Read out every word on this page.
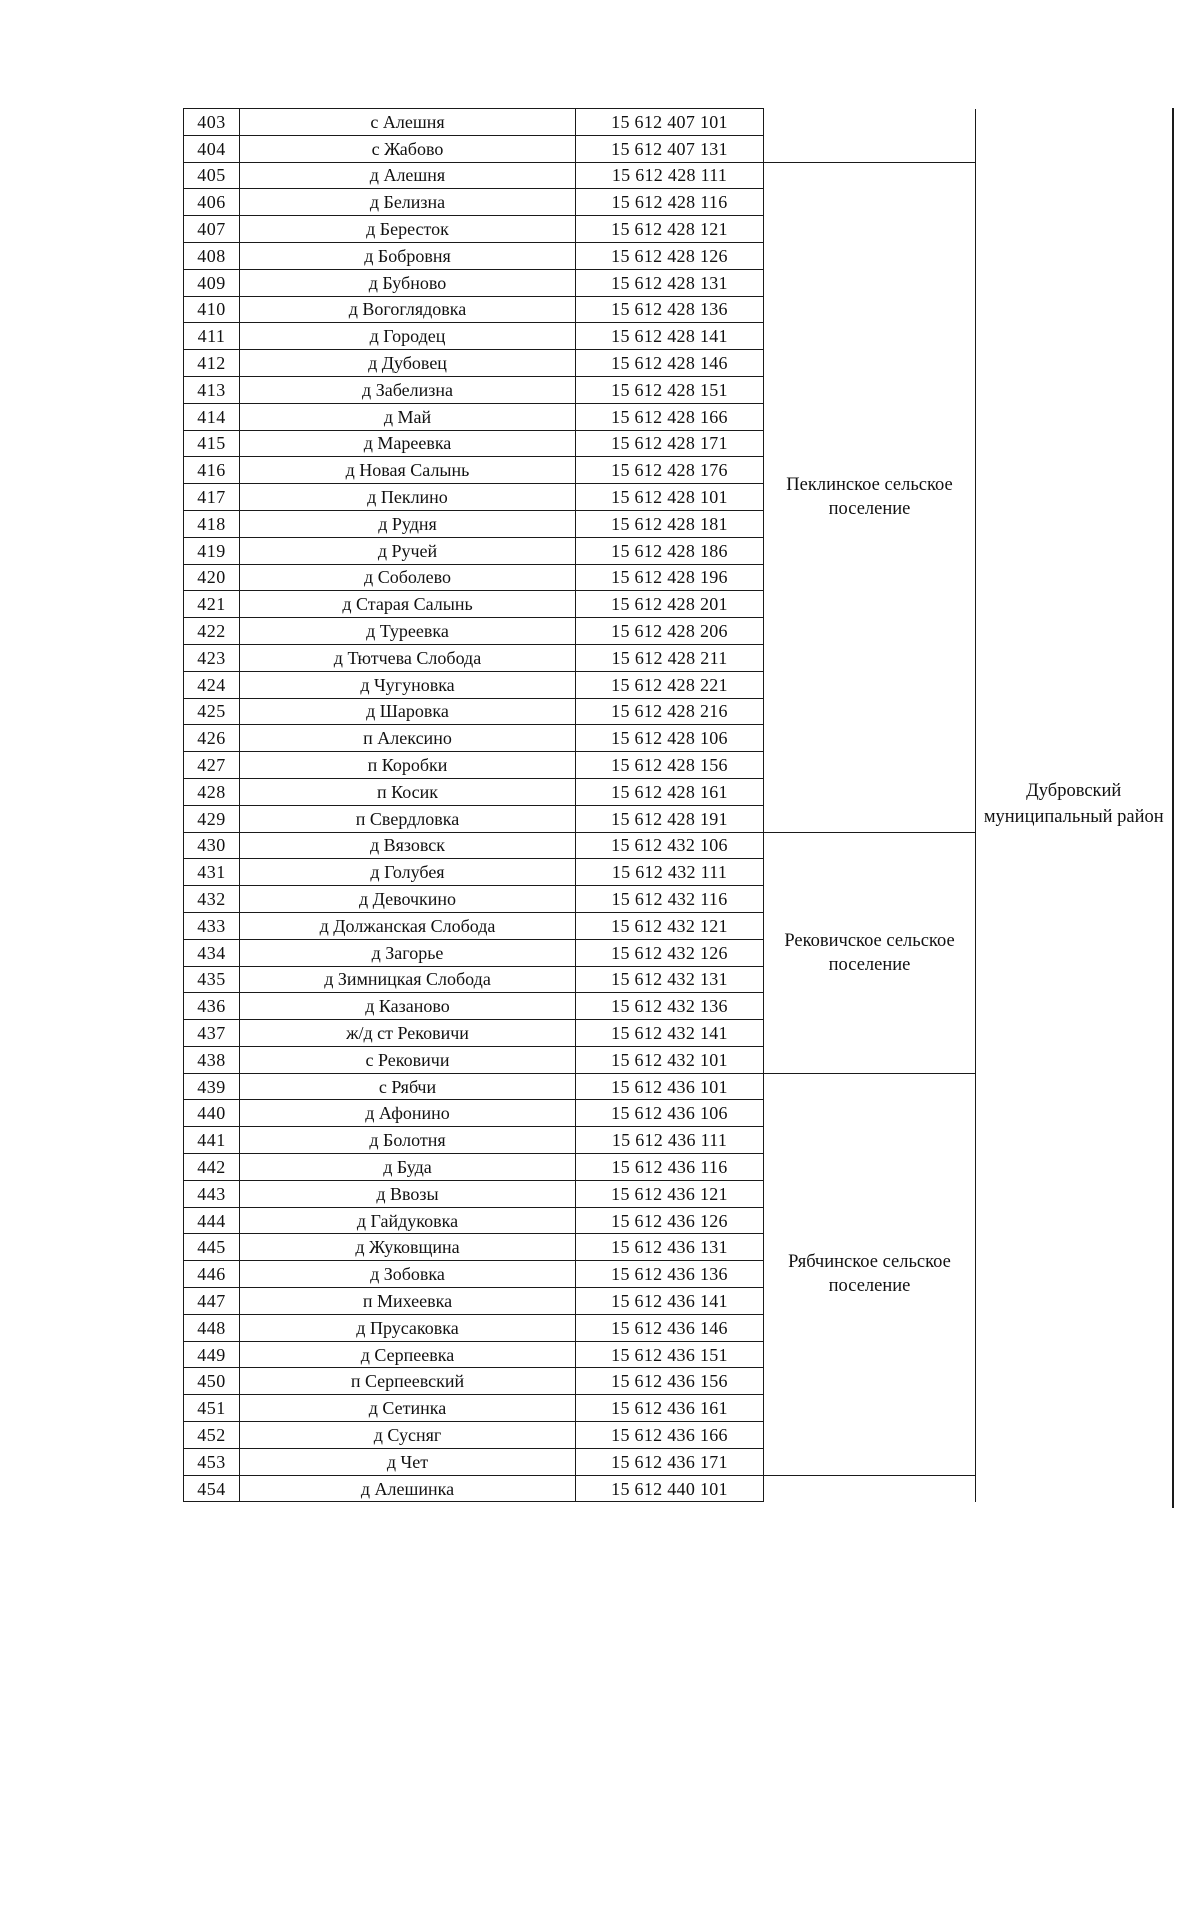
403	с Алешня	15 612 407 101		Дубровский муниципальный район
404	с Жабово	15 612 407 131		
405	д Алешня	15 612 428 111	Пеклинское сельское поселение	
406	д Белизна	15 612 428 116		
407	д Бересток	15 612 428 121		
408	д Бобровня	15 612 428 126		
409	д Бубново	15 612 428 131		
410	д Вогоглядовка	15 612 428 136		
411	д Городец	15 612 428 141		
412	д Дубовец	15 612 428 146		
413	д Забелизна	15 612 428 151		
414	д Май	15 612 428 166		
415	д Мареевка	15 612 428 171		
416	д Новая Салынь	15 612 428 176		
417	д Пеклино	15 612 428 101		
418	д Рудня	15 612 428 181		
419	д Ручей	15 612 428 186		
420	д Соболево	15 612 428 196		
421	д Старая Салынь	15 612 428 201		
422	д Туреевка	15 612 428 206		
423	д Тютчева Слобода	15 612 428 211		
424	д Чугуновка	15 612 428 221		
425	д Шаровка	15 612 428 216		
426	п Алексино	15 612 428 106		
427	п Коробки	15 612 428 156		
428	п Косик	15 612 428 161		
429	п Свердловка	15 612 428 191		
430	д Вязовск	15 612 432 106	Рековичское сельское поселение	
431	д Голубея	15 612 432 111		
432	д Девочкино	15 612 432 116		
433	д Должанская Слобода	15 612 432 121		
434	д Загорье	15 612 432 126		
435	д Зимницкая Слобода	15 612 432 131		
436	д Казаново	15 612 432 136		
437	ж/д ст Рековичи	15 612 432 141		
438	с Рековичи	15 612 432 101		
439	с Рябчи	15 612 436 101	Рябчинское сельское поселение	
440	д Афонино	15 612 436 106		
441	д Болотня	15 612 436 111		
442	д Буда	15 612 436 116		
443	д Ввозы	15 612 436 121		
444	д Гайдуковка	15 612 436 126		
445	д Жуковщина	15 612 436 131		
446	д Зобовка	15 612 436 136		
447	п Михеевка	15 612 436 141		
448	д Прусаковка	15 612 436 146		
449	д Серпеевка	15 612 436 151		
450	п Серпеевский	15 612 436 156		
451	д Сетинка	15 612 436 161		
452	д Сусняг	15 612 436 166		
453	д Чет	15 612 436 171		
454	д Алешинка	15 612 440 101		
